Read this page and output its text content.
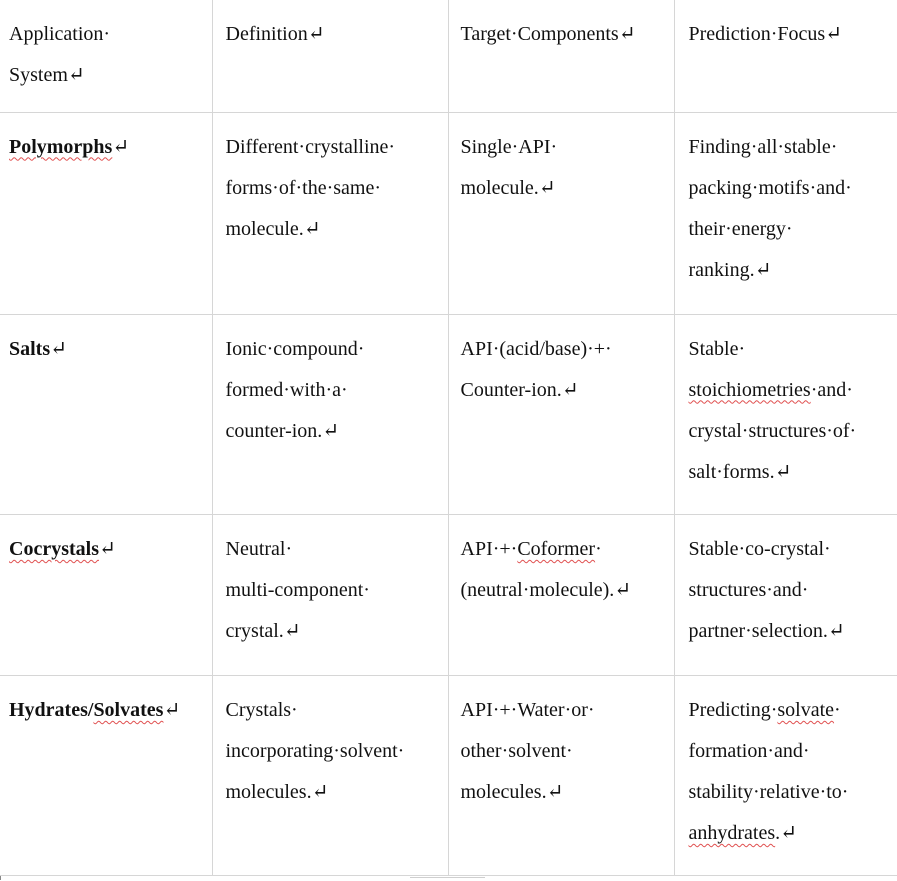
Application·
System↵	Definition↵	Target·Components↵	Prediction·Focus↵

Polymorphs↵	Different·crystalline·
forms·of·the·same·
molecule.↵	Single·API·
molecule.↵	Finding·all·stable·
packing·motifs·and·
their·energy·
ranking.↵

Salts↵	Ionic·compound·
formed·with·a·
counter-ion.↵	API·(acid/base)·+·
Counter-ion.↵	Stable·
stoichiometries·and·
crystal·structures·of·
salt·forms.↵

Cocrystals↵	Neutral·
multi-component·
crystal.↵	API·+·Coformer·
(neutral·molecule).↵	Stable·co-crystal·
structures·and·
partner·selection.↵

Hydrates/Solvates↵	Crystals·
incorporating·solvent·
molecules.↵	API·+·Water·or·
other·solvent·
molecules.↵	Predicting·solvate·
formation·and·
stability·relative·to·
anhydrates.↵
